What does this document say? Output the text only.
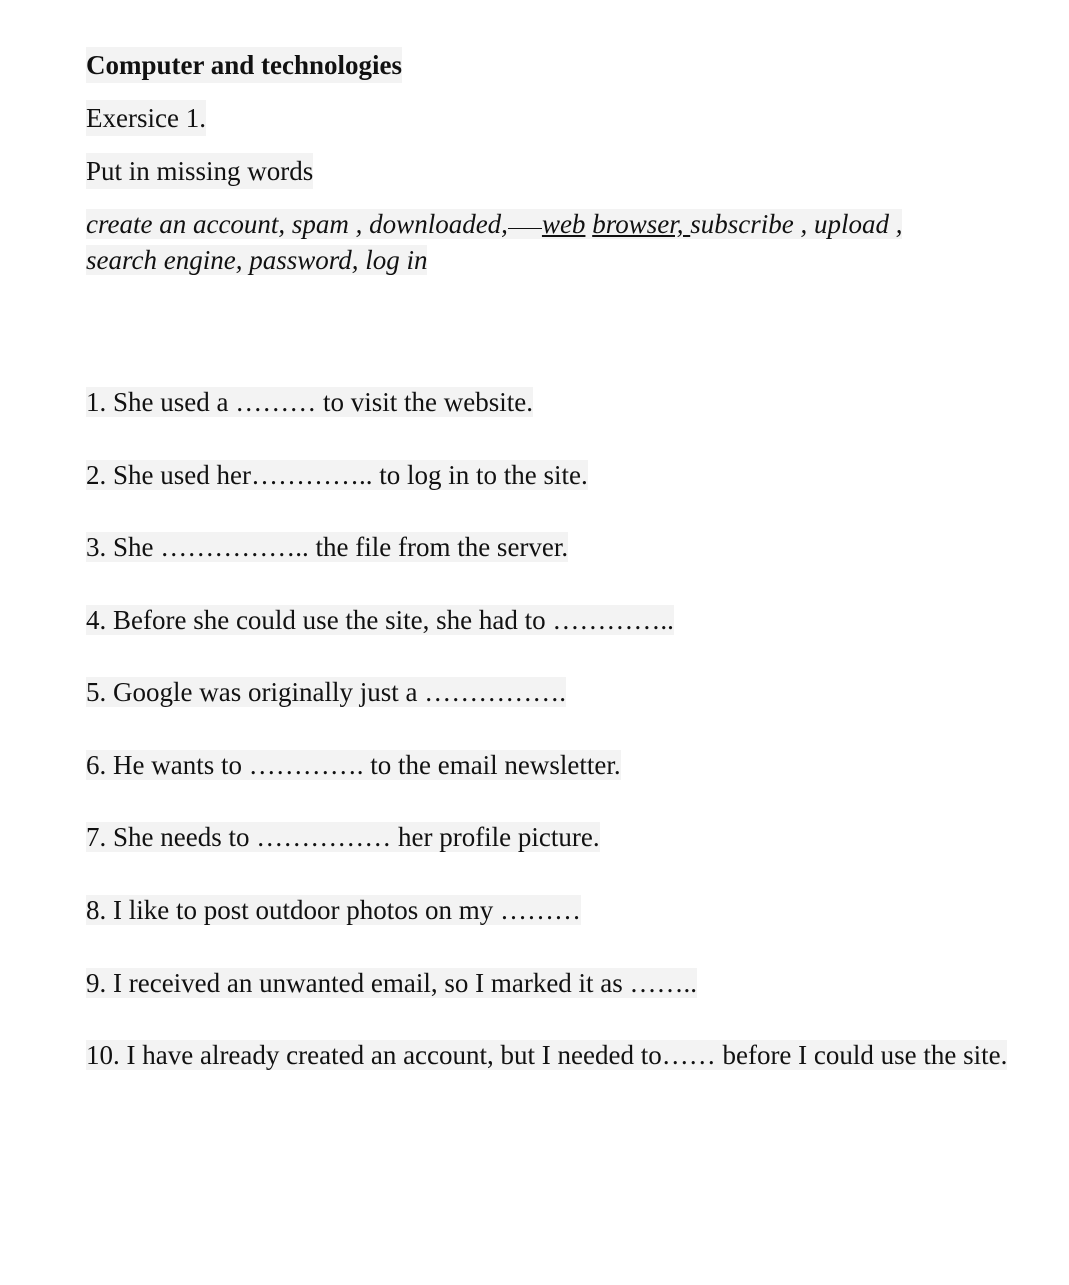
Computer and technologies
Exersice 1.
Put in missing words
create an account, spam , downloaded, web browser, subscribe , upload ,
search engine, password, log in
1. She used a ……… to visit the website.
2. She used her………….. to log in to the site.
3. She …………….. the file from the server.
4. Before she could use the site, she had to …………..
5. Google was originally just a …………….
6. He wants to …………. to the email newsletter.
7. She needs to …………… her profile picture.
8. I like to post outdoor photos on my ………
9. I received an unwanted email, so I marked it as ……..
10. I have already created an account, but I needed to…… before I could use the site.
